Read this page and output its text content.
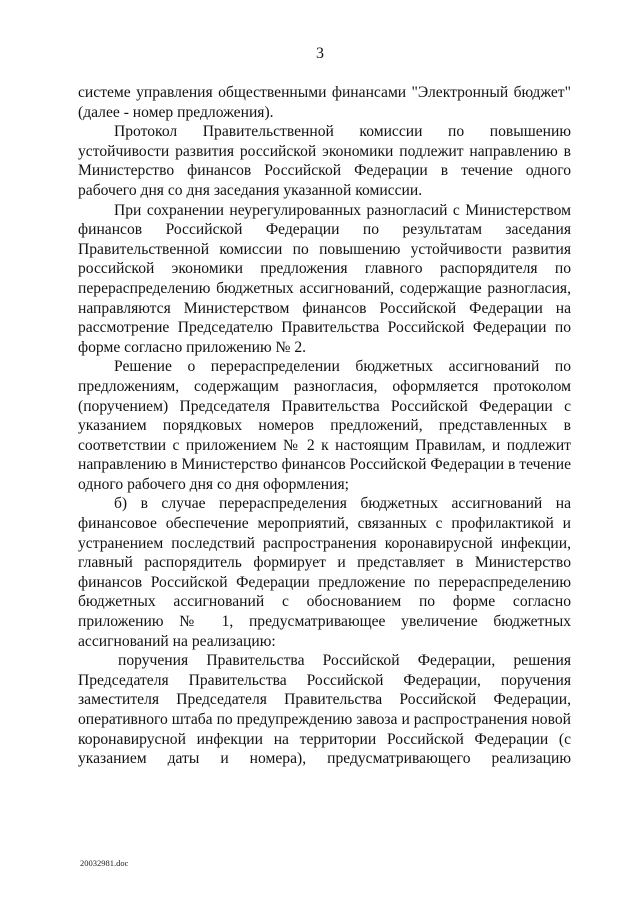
3

системе управления общественными финансами "Электронный бюджет" (далее - номер предложения).

Протокол Правительственной комиссии по повышению устойчивости развития российской экономики подлежит направлению в Министерство финансов Российской Федерации в течение одного рабочего дня со дня заседания указанной комиссии.

При сохранении неурегулированных разногласий с Министерством финансов Российской Федерации по результатам заседания Правительственной комиссии по повышению устойчивости развития российской экономики предложения главного распорядителя по перераспределению бюджетных ассигнований, содержащие разногласия, направляются Министерством финансов Российской Федерации на рассмотрение Председателю Правительства Российской Федерации по форме согласно приложению № 2.

Решение о перераспределении бюджетных ассигнований по предложениям, содержащим разногласия, оформляется протоколом (поручением) Председателя Правительства Российской Федерации с указанием порядковых номеров предложений, представленных в соответствии с приложением № 2 к настоящим Правилам, и подлежит направлению в Министерство финансов Российской Федерации в течение одного рабочего дня со дня оформления;

б) в случае перераспределения бюджетных ассигнований на финансовое обеспечение мероприятий, связанных с профилактикой и устранением последствий распространения коронавирусной инфекции, главный распорядитель формирует и представляет в Министерство финансов Российской Федерации предложение по перераспределению бюджетных ассигнований с обоснованием по форме согласно приложению № 1, предусматривающее увеличение бюджетных ассигнований на реализацию:

поручения Правительства Российской Федерации, решения Председателя Правительства Российской Федерации, поручения заместителя Председателя Правительства Российской Федерации, оперативного штаба по предупреждению завоза и распространения новой коронавирусной инфекции на территории Российской Федерации (с указанием даты и номера), предусматривающего реализацию

20032981.doc
